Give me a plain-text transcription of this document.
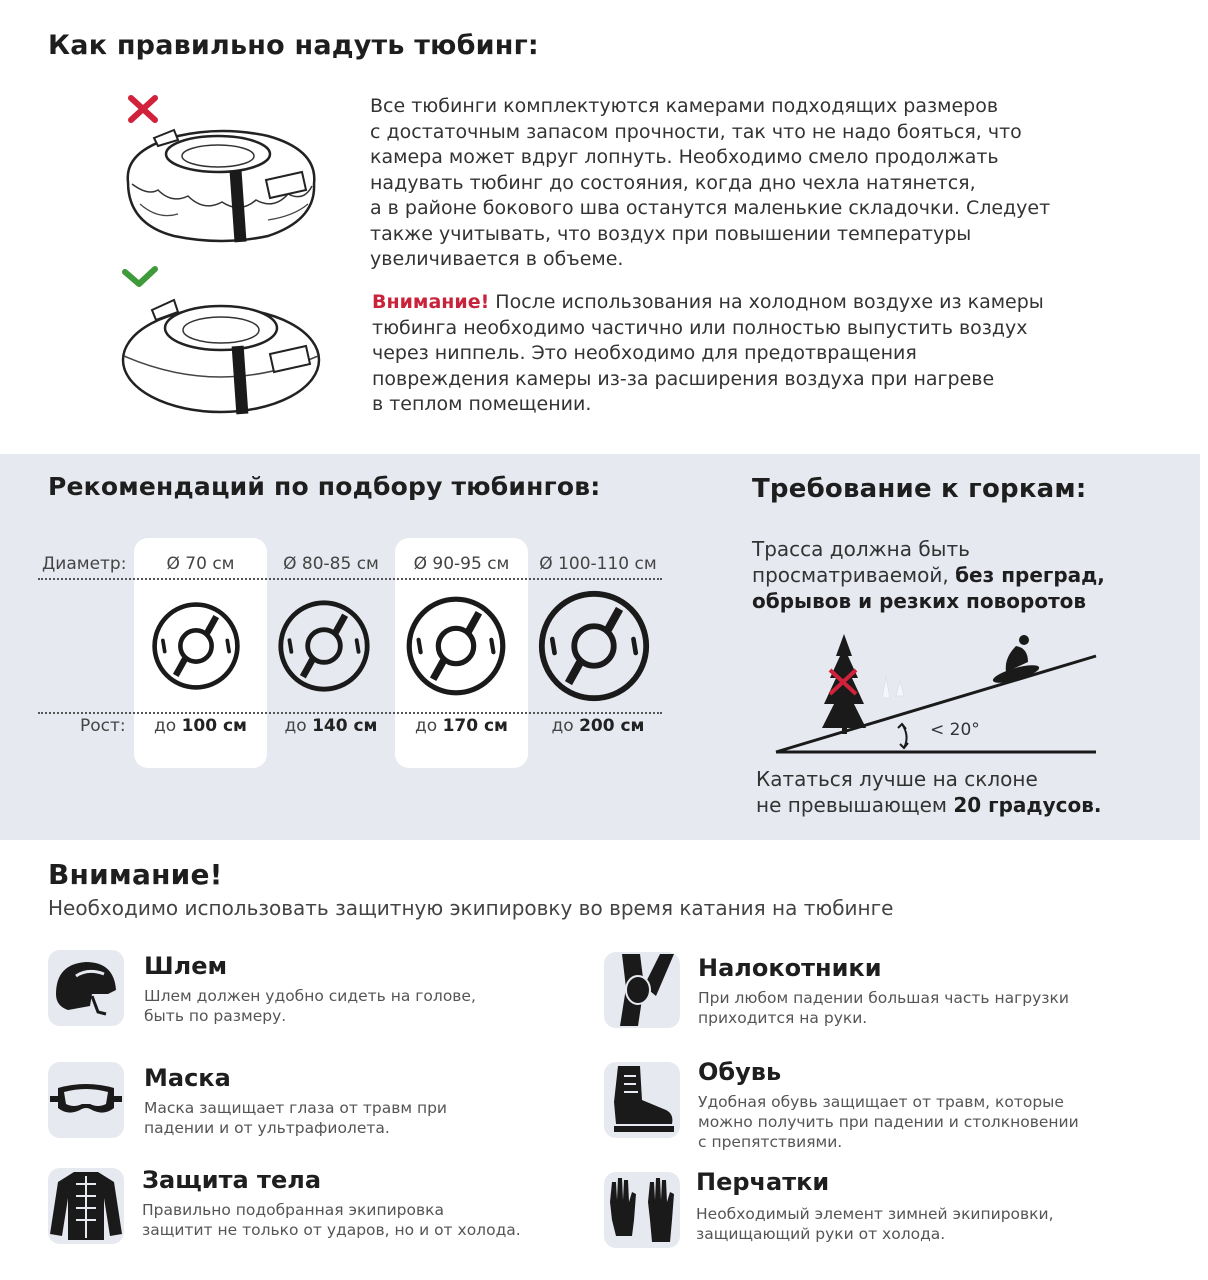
Как правильно надуть тюбинг:
Все тюбинги комплектуются камерами подходящих размеров
с достаточным запасом прочности, так что не надо бояться, что
камера может вдруг лопнуть. Необходимо смело продолжать
надувать тюбинг до состояния, когда дно чехла натянется,
а в районе бокового шва останутся маленькие складочки. Следует
также учитывать, что воздух при повышении температуры
увеличивается в объеме.
Внимание! После использования на холодном воздухе из камеры
тюбинга необходимо частично или полностью выпустить воздух
через ниппель. Это необходимо для предотвращения
повреждения камеры из-за расширения воздуха при нагреве
в теплом помещении.
Рекомендаций по подбору тюбингов:
Диаметр:
Рост:
Ø 70 см
до 100 см
Ø 80-85 см
до 140 см
Ø 90-95 см
до 170 см
Ø 100-110 см
до 200 см
Требование к горкам:
Трасса должна быть
просматриваемой, без преград,
обрывов и резких поворотов
< 20°
Кататься лучше на склоне
не превышающем 20 градусов.
Внимание!
Необходимо использовать защитную экипировку во время катания на тюбинге
Шлем
Шлем должен удобно сидеть на голове,
быть по размеру.
Налокотники
При любом падении большая часть нагрузки
приходится на руки.
Маска
Маска защищает глаза от травм при
падении и от ультрафиолета.
Обувь
Удобная обувь защищает от травм, которые
можно получить при падении и столкновении
с препятствиями.
Защита тела
Правильно подобранная экипировка
защитит не только от ударов, но и от холода.
Перчатки
Необходимый элемент зимней экипировки,
защищающий руки от холода.
